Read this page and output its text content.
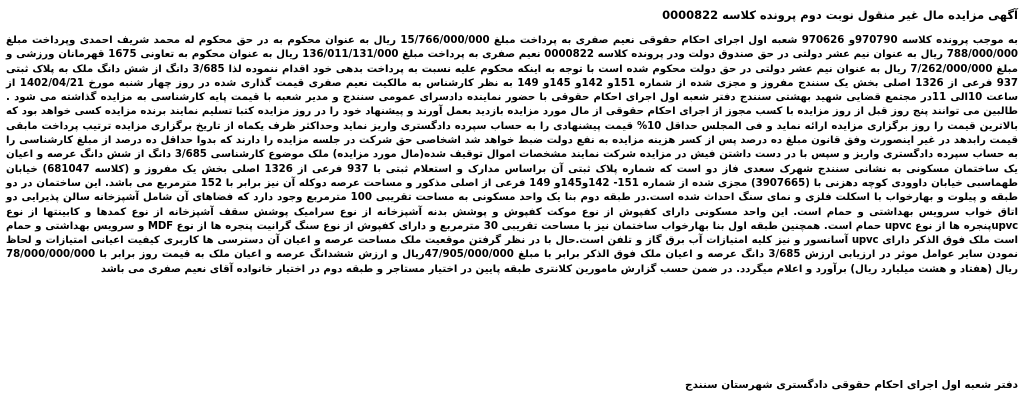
آگهی مزایده مال غیر منقول نوبت دوم پرونده کلاسه 0000822

به موجب پرونده کلاسه 970790و 970626 شعبه اول اجرای احکام حقوقی نعیم صفری به پرداخت مبلغ 15/766/000/000 ریال به عنوان محکوم به در حق محکوم له محمد شریف احمدی وپرداخت مبلغ 788/000/000 ریال به عنوان نیم عشر دولتی در حق صندوق دولت ودر پرونده کلاسه 0000822 نعیم صفری به پرداخت مبلغ 136/011/131/000 ریال به عنوان محکوم به تعاونی 1675 قهرمانان ورزشی و مبلغ 7/262/000/000 ریال به عنوان نیم عشر دولتی در حق دولت محکوم شده است با توجه به اینکه محکوم علیه نسبت به پرداخت بدهی خود اقدام ننموده لذا 3/685 دانگ از شش دانگ ملک به پلاک ثبتی 937 فرعی از 1326 اصلی بخش یک سنندج مفروز و مجزی شده از شماره 151و 142و 145و 149 به نظر کارشناس به مالکیت نعیم صفری قیمت گذاری شده در روز چهار شنبه مورخ 1402/04/21 از ساعت 10الی 11در مجتمع قضایی شهید بهشتی سنندج دفتر شعبه اول اجرای احکام حقوقی با حضور نماینده دادسرای عمومی سنندج و مدیر شعبه با قیمت پایه کارشناسی به مزایده گذاشته می شود . طالبین می توانند پنج روز قبل از روز مزایده با کسب مجوز از اجرای احکام حقوقی از مال مورد مزایده بازدید بعمل آورند و پیشنهاد خود را در روز مزایده کتبا تسلیم نمایند برنده مزایده کسی خواهد بود که بالاترین قیمت را روز برگزاری مزایده ارائه نماید و فی المجلس حداقل 10% قیمت پیشنهادی را به حساب سپرده دادگستری واریز نماید وحداکثر ظرف یکماه از تاریخ برگزاری مزایده ترتیب پرداخت مابقی قیمت رابدهد در غیر اینصورت وفق قانون مبلغ ده درصد پس از کسر هزینه مزایده به نفع دولت ضبط خواهد شد اشخاصی حق شرکت در جلسه مزایده را دارند که بدوا حداقل ده درصد از مبلغ کارشناسی را به حساب سپرده دادگستری واریز و سپس با در دست داشتن فیش در مزایده شرکت نمایند مشخصات اموال توقیف شده(مال مورد مزایده) ملک موضوع کارشناسی 3/685 دانگ از شش دانگ عرصه و اعیان یک ساختمان مسکونی به نشانی سنندج شهرک سعدی فاز دو است که شماره پلاک ثبتی آن براساس مدارک و استعلام ثبتی با 937 فرعی از 1326 اصلی بخش یک مفروز و (کلاسه 681047) خیابان طهماسبی خیابان داوودی کوچه دهزنی با (3907665) مجزی شده از شماره 151- 142و145و 149 فرعی از اصلی مذکور و مساحت عرصه دوکله آن نیز برابر با 152 مترمربع می باشد. این ساختمان در دو طبقه و پیلوت و بهارخواب با اسکلت فلزی و نمای سنگ احداث شده است.در طبقه دوم بنا یک واحد مسکونی به مساحت تقریبی 100 مترمربع وجود دارد که فضاهای آن شامل آشپزخانه سالن پذیرایی دو اتاق خواب سرویس بهداشتی و حمام است. این واحد مسکونی دارای کفپوش از نوع موکت کفپوش و پوشش بدنه آشپزخانه از نوع سرامیک پوشش سقف آشپزخانه از نوع کمدها و کابینتها از نوع upvcپنجره ها از نوع upvc حمام است. همچنین طبقه اول بنا بهارخواب ساختمان نیز با مساحت تقریبی 30 مترمربع و دارای کفپوش از نوع سنگ گرانیت پنجره ها از نوع MDF و سرویس بهداشتی و حمام است ملک فوق الذکر دارای upvc آسانسور و نیز کلیه امتیازات آب برق گاز و تلفن است.حال با در نظر گرفتن موقعیت ملک مساحت عرصه و اعیان آن دسترسی ها کاربری کیفیت اعیانی امتیازات و لحاظ نمودن سایر عوامل موثر در ارزیابی ارزش 3/685 دانگ عرصه و اعیان ملک فوق الذکر برابر با مبلغ 47/905/000/000ریال و ارزش ششدانگ عرصه و اعیان ملک به قیمت روز برابر با 78/000/000/000 ریال (هفتاد و هشت میلیارد ریال) برآورد و اعلام میگردد. در ضمن حسب گزارش مامورین کلانتری طبقه پایین در اختیار مستاجر و طبقه دوم در اختیار خانواده آقای نعیم صفری می باشد

دفتر شعبه اول اجرای احکام حقوقی دادگستری شهرستان سنندج
